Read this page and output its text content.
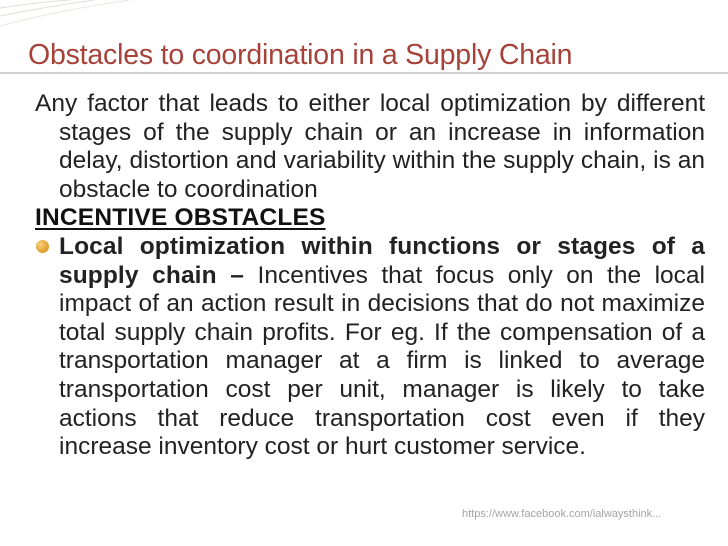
Obstacles to coordination in a Supply Chain

Any factor that leads to either local optimization by different stages of the supply chain or an increase in information delay, distortion and variability within the supply chain, is an obstacle to coordination

INCENTIVE OBSTACLES
Local optimization within functions or stages of a supply chain – Incentives that focus only on the local impact of an action result in decisions that do not maximize total supply chain profits. For eg. If the compensation of a transportation manager at a firm is linked to average transportation cost per unit, manager is likely to take actions that reduce transportation cost even if they increase inventory cost or hurt customer service.
https://www.facebook.com/ialwaysthink...
